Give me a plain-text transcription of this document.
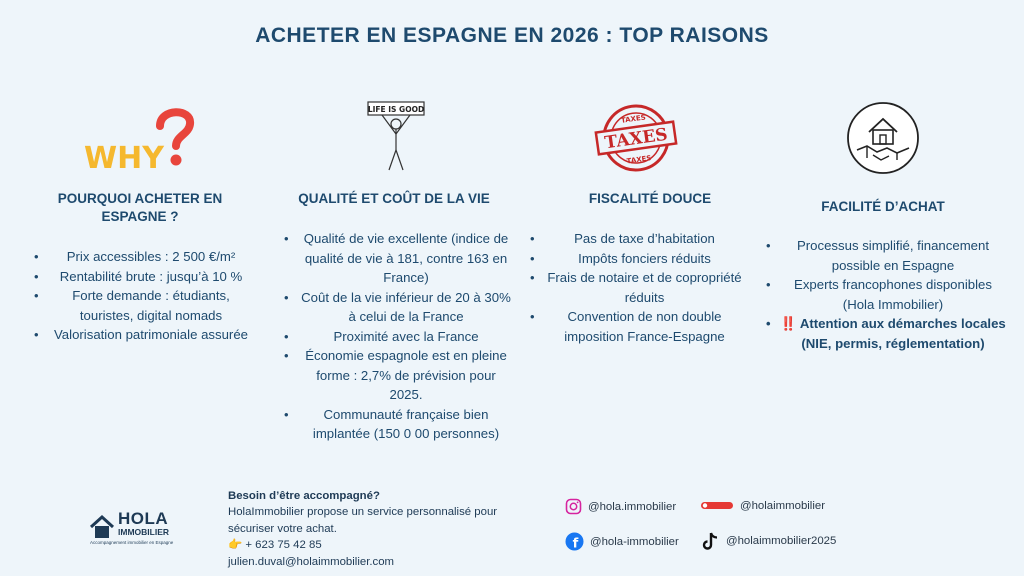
ACHETER EN ESPAGNE EN 2026 : TOP RAISONS
WHY
POURQUOI ACHETER EN ESPAGNE ?
• Prix accessibles : 2 500 €/m²
• Rentabilité brute : jusqu’à 10 %
• Forte demande : étudiants, touristes, digital nomads
• Valorisation patrimoniale assurée
LIFE IS GOOD
QUALITÉ ET COÛT DE LA VIE
• Qualité de vie excellente (indice de qualité de vie à 181, contre 163 en France)
• Coût de la vie inférieur de 20 à 30% à celui de la France
• Proximité avec la France
• Économie espagnole est en pleine forme : 2,7% de prévision pour 2025.
• Communauté française bien implantée (150 0 00 personnes)
TAXES
TAXES
TAXES
FISCALITÉ DOUCE
• Pas de taxe d’habitation
• Impôts fonciers réduits
• Frais de notaire et de copropriété réduits
• Convention de non double imposition France-Espagne
FACILITÉ D’ACHAT
• Processus simplifié, financement possible en Espagne
• Experts francophones disponibles (Hola Immobilier)
• ‼️ Attention aux démarches locales (NIE, permis, réglementation)
HOLA
IMMOBILIER
Accompagnement immobilier en Espagne
Besoin d’être accompagné?
HolaImmobilier propose un service personnalisé pour
sécuriser votre achat.
👉 + 623 75 42 85
julien.duval@holaimmobilier.com
@hola.immobilier	@holaimmobilier
f @hola-immobilier	@holaimmobilier2025
